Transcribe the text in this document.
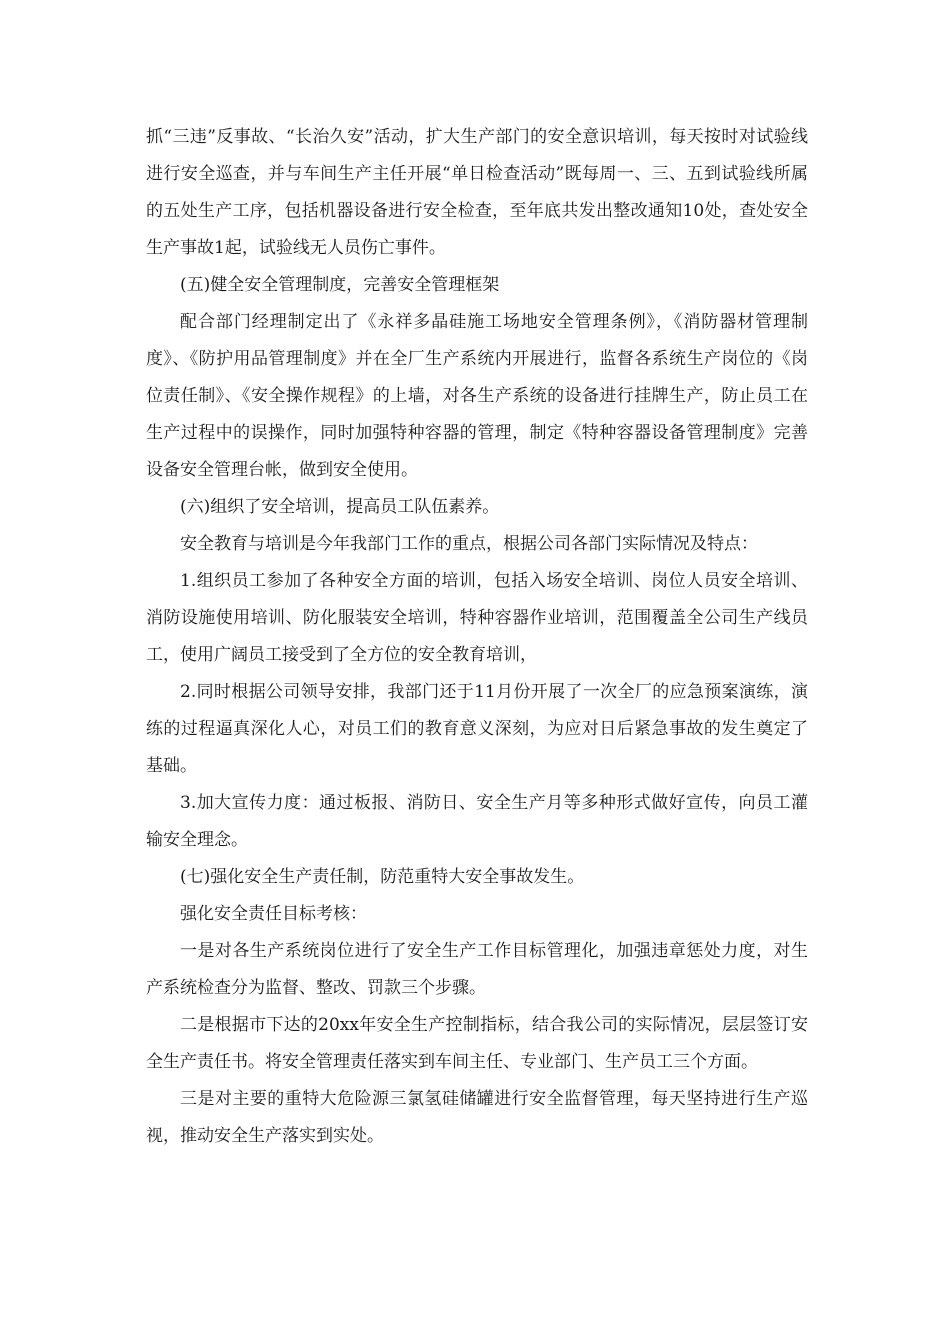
抓“三违”反事故、“长治久安”活动，扩大生产部门的安全意识培训，每天按时对试验线进行安全巡查，并与车间生产主任开展“单日检查活动”既每周一、三、五到试验线所属的五处生产工序，包括机器设备进行安全检查，至年底共发出整改通知10处，查处安全生产事故1起，试验线无人员伤亡事件。

(五)健全安全管理制度，完善安全管理框架

配合部门经理制定出了《永祥多晶硅施工场地安全管理条例》，《消防器材管理制度》、《防护用品管理制度》并在全厂生产系统内开展进行，监督各系统生产岗位的《岗位责任制》、《安全操作规程》的上墙，对各生产系统的设备进行挂牌生产，防止员工在生产过程中的误操作，同时加强特种容器的管理，制定《特种容器设备管理制度》完善设备安全管理台帐，做到安全使用。

(六)组织了安全培训，提高员工队伍素养。

安全教育与培训是今年我部门工作的重点，根据公司各部门实际情况及特点：

1.组织员工参加了各种安全方面的培训，包括入场安全培训、岗位人员安全培训、消防设施使用培训、防化服装安全培训，特种容器作业培训，范围覆盖全公司生产线员工，使用广阔员工接受到了全方位的安全教育培训，

2.同时根据公司领导安排，我部门还于11月份开展了一次全厂的应急预案演练，演练的过程逼真深化人心，对员工们的教育意义深刻，为应对日后紧急事故的发生奠定了基础。

3.加大宣传力度：通过板报、消防日、安全生产月等多种形式做好宣传，向员工灌输安全理念。

(七)强化安全生产责任制，防范重特大安全事故发生。

强化安全责任目标考核：

一是对各生产系统岗位进行了安全生产工作目标管理化，加强违章惩处力度，对生产系统检查分为监督、整改、罚款三个步骤。

二是根据市下达的20xx年安全生产控制指标，结合我公司的实际情况，层层签订安全生产责任书。将安全管理责任落实到车间主任、专业部门、生产员工三个方面。

三是对主要的重特大危险源三氯氢硅储罐进行安全监督管理，每天坚持进行生产巡视，推动安全生产落实到实处。
